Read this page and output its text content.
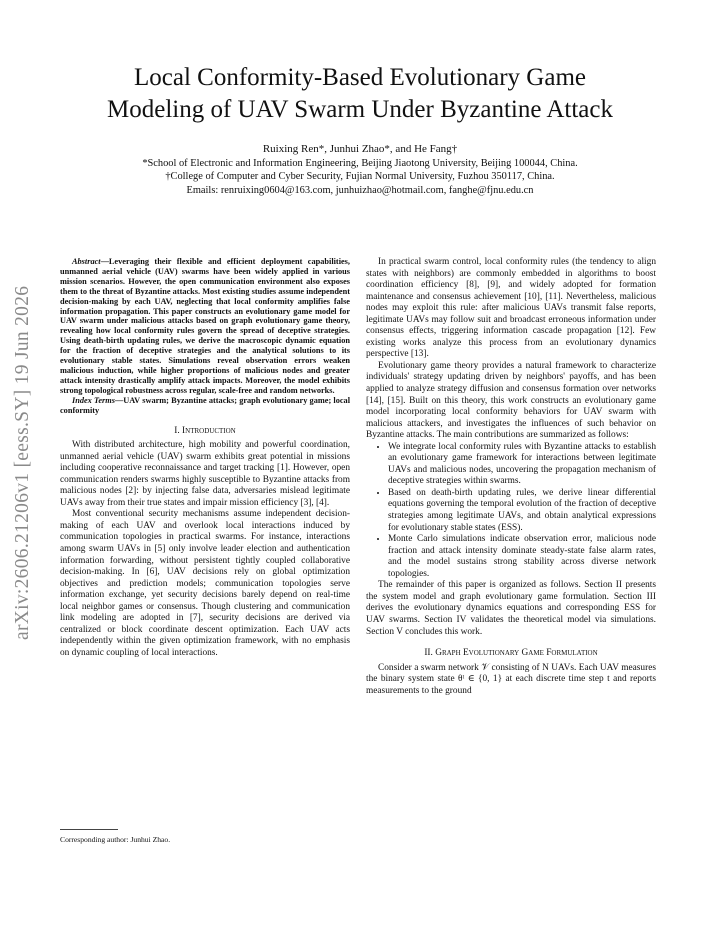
arXiv:2606.21206v1 [eess.SY] 19 Jun 2026
Local Conformity-Based Evolutionary Game
Modeling of UAV Swarm Under Byzantine Attack
Ruixing Ren*, Junhui Zhao*, and He Fang†
*School of Electronic and Information Engineering, Beijing Jiaotong University, Beijing 100044, China.
†College of Computer and Cyber Security, Fujian Normal University, Fuzhou 350117, China.
Emails: renruixing0604@163.com, junhuizhao@hotmail.com, fanghe@fjnu.edu.cn

Abstract—Leveraging their flexible and efficient deployment capabilities, unmanned aerial vehicle (UAV) swarms have been widely applied in various mission scenarios. However, the open communication environment also exposes them to the threat of Byzantine attacks. Most existing studies assume independent decision-making by each UAV, neglecting that local conformity amplifies false information propagation. This paper constructs an evolutionary game model for UAV swarm under malicious attacks based on graph evolutionary game theory, revealing how local conformity rules govern the spread of deceptive strategies. Using death-birth updating rules, we derive the macroscopic dynamic equation for the fraction of deceptive strategies and the analytical solutions to its evolutionary stable states. Simulations reveal observation errors weaken malicious induction, while higher proportions of malicious nodes and greater attack intensity drastically amplify attack impacts. Moreover, the model exhibits strong topological robustness across regular, scale-free and random networks.

Index Terms—UAV swarm; Byzantine attacks; graph evolutionary game; local conformity

I. Introduction

With distributed architecture, high mobility and powerful coordination, unmanned aerial vehicle (UAV) swarm exhibits great potential in missions including cooperative reconnaissance and target tracking [1]. However, open communication renders swarms highly susceptible to Byzantine attacks from malicious nodes [2]: by injecting false data, adversaries mislead legitimate UAVs away from their true states and impair mission efficiency [3], [4].

Most conventional security mechanisms assume independent decision-making of each UAV and overlook local interactions induced by communication topologies in practical swarms. For instance, interactions among swarm UAVs in [5] only involve leader election and authentication information forwarding, without persistent tightly coupled collaborative decision-making. In [6], UAV decisions rely on global optimization objectives and prediction models; communication topologies serve information exchange, yet security decisions barely depend on real-time local neighbor games or consensus. Though clustering and communication link modeling are adopted in [7], security decisions are derived via centralized or block coordinate descent optimization. Each UAV acts independently within the given optimization framework, with no emphasis on dynamic coupling of local interactions.

Corresponding author: Junhui Zhao.

In practical swarm control, local conformity rules (the tendency to align states with neighbors) are commonly embedded in algorithms to boost coordination efficiency [8], [9], and widely adopted for formation maintenance and consensus achievement [10], [11]. Nevertheless, malicious nodes may exploit this rule: after malicious UAVs transmit false reports, legitimate UAVs may follow suit and broadcast erroneous information under consensus effects, triggering information cascade propagation [12]. Few existing works analyze this process from an evolutionary dynamics perspective [13].

Evolutionary game theory provides a natural framework to characterize individuals' strategy updating driven by neighbors' payoffs, and has been applied to analyze strategy diffusion and consensus formation over networks [14], [15]. Built on this theory, this work constructs an evolutionary game model incorporating local conformity behaviors for UAV swarm with malicious attackers, and investigates the influences of such behavior on Byzantine attacks. The main contributions are summarized as follows:

• We integrate local conformity rules with Byzantine attacks to establish an evolutionary game framework for interactions between legitimate UAVs and malicious nodes, uncovering the propagation mechanism of deceptive strategies within swarms.
• Based on death-birth updating rules, we derive linear differential equations governing the temporal evolution of the fraction of deceptive strategies among legitimate UAVs, and obtain analytical expressions for evolutionary stable states (ESS).
• Monte Carlo simulations indicate observation error, malicious node fraction and attack intensity dominate steady-state false alarm rates, and the model sustains strong stability across diverse network topologies.

The remainder of this paper is organized as follows. Section II presents the system model and graph evolutionary game formulation. Section III derives the evolutionary dynamics equations and corresponding ESS for UAV swarms. Section IV validates the theoretical model via simulations. Section V concludes this work.

II. Graph Evolutionary Game Formulation

Consider a swarm network 𝒱 consisting of N UAVs. Each UAV measures the binary system state θᵗ ∈ {0, 1} at each discrete time step t and reports measurements to the ground
